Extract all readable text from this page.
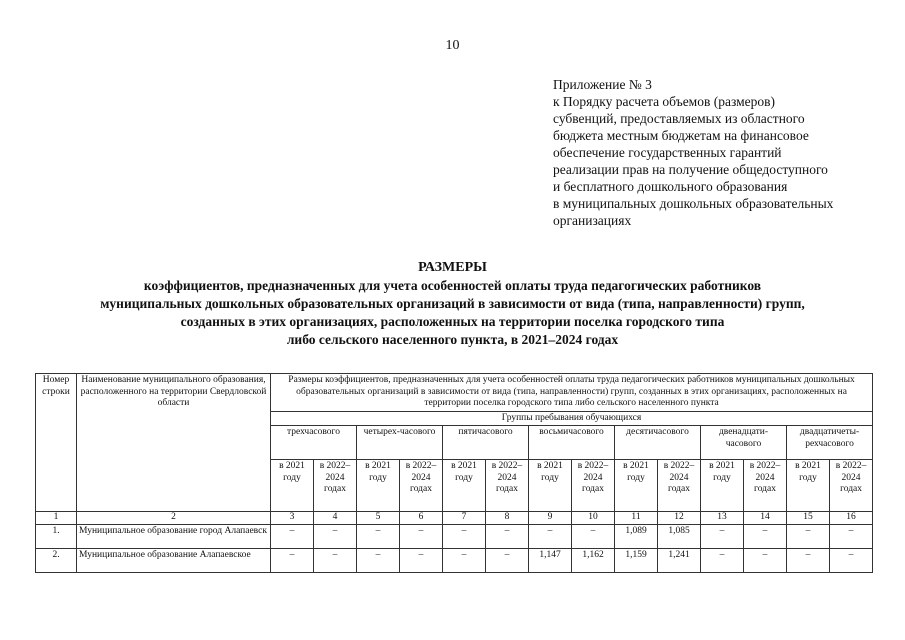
10
Приложение № 3
к Порядку расчета объемов (размеров)
субвенций, предоставляемых из областного
бюджета местным бюджетам на финансовое
обеспечение государственных гарантий
реализации прав на получение общедоступного
и бесплатного дошкольного образования
в муниципальных дошкольных образовательных
организациях
РАЗМЕРЫ
коэффициентов, предназначенных для учета особенностей оплаты труда педагогических работников
муниципальных дошкольных образовательных организаций в зависимости от вида (типа, направленности) групп,
созданных в этих организациях, расположенных на территории поселка городского типа
либо сельского населенного пункта, в 2021–2024 годах
Номер строки	Наименование муниципального образования, расположенного на территории Свердловской области	Размеры коэффициентов, предназначенных для учета особенностей оплаты труда педагогических работников муниципальных дошкольных образовательных организаций в зависимости от вида (типа, направленности) групп, созданных в этих организациях, расположенных на территории поселка городского типа либо сельского населенного пункта													
		Группы пребывания обучающихся													
		трехчасового		четырех-часового		пятичасового		восьмичасового		десятичасового		двенадцати-часового		двадцатичеты-рехчасового	
		в 2021 году	в 2022–2024 годах	в 2021 году	в 2022–2024 годах	в 2021 году	в 2022–2024 годах	в 2021 году	в 2022–2024 годах	в 2021 году	в 2022–2024 годах	в 2021 году	в 2022–2024 годах	в 2021 году	в 2022–2024 годах
1	2	3	4	5	6	7	8	9	10	11	12	13	14	15	16
1.	Муниципальное образование город Алапаевск	–	–	–	–	–	–	–	–	1,089	1,085	–	–	–	–
2.	Муниципальное образование Алапаевское	–	–	–	–	–	–	1,147	1,162	1,159	1,241	–	–	–	–
